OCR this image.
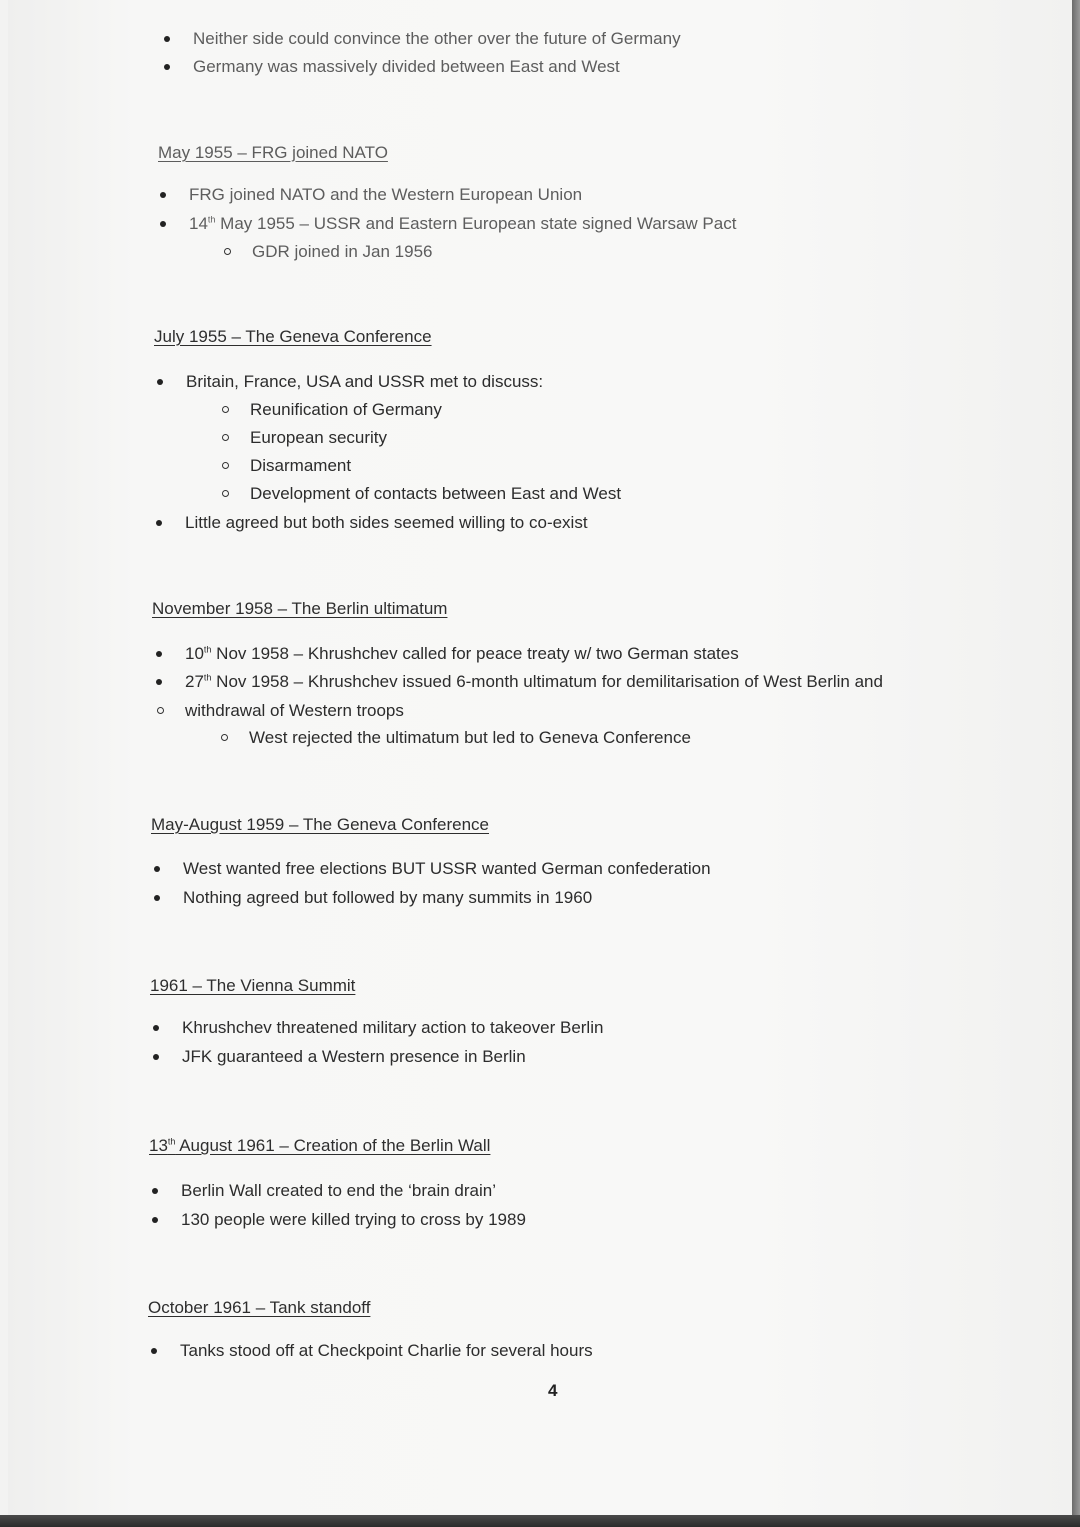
Neither side could convince the other over the future of Germany
Germany was massively divided between East and West
May 1955 – FRG joined NATO
FRG joined NATO and the Western European Union
14th May 1955 – USSR and Eastern European state signed Warsaw Pact
GDR joined in Jan 1956
July 1955 – The Geneva Conference
Britain, France, USA and USSR met to discuss:
Reunification of Germany
European security
Disarmament
Development of contacts between East and West
Little agreed but both sides seemed willing to co-exist
November 1958 – The Berlin ultimatum
10th Nov 1958 – Khrushchev called for peace treaty w/ two German states
27th Nov 1958 – Khrushchev issued 6-month ultimatum for demilitarisation of West Berlin and
withdrawal of Western troops
West rejected the ultimatum but led to Geneva Conference
May-August 1959 – The Geneva Conference
West wanted free elections BUT USSR wanted German confederation
Nothing agreed but followed by many summits in 1960
1961 – The Vienna Summit
Khrushchev threatened military action to takeover Berlin
JFK guaranteed a Western presence in Berlin
13th August 1961 – Creation of the Berlin Wall
Berlin Wall created to end the ‘brain drain’
130 people were killed trying to cross by 1989
October 1961 – Tank standoff
Tanks stood off at Checkpoint Charlie for several hours
4
